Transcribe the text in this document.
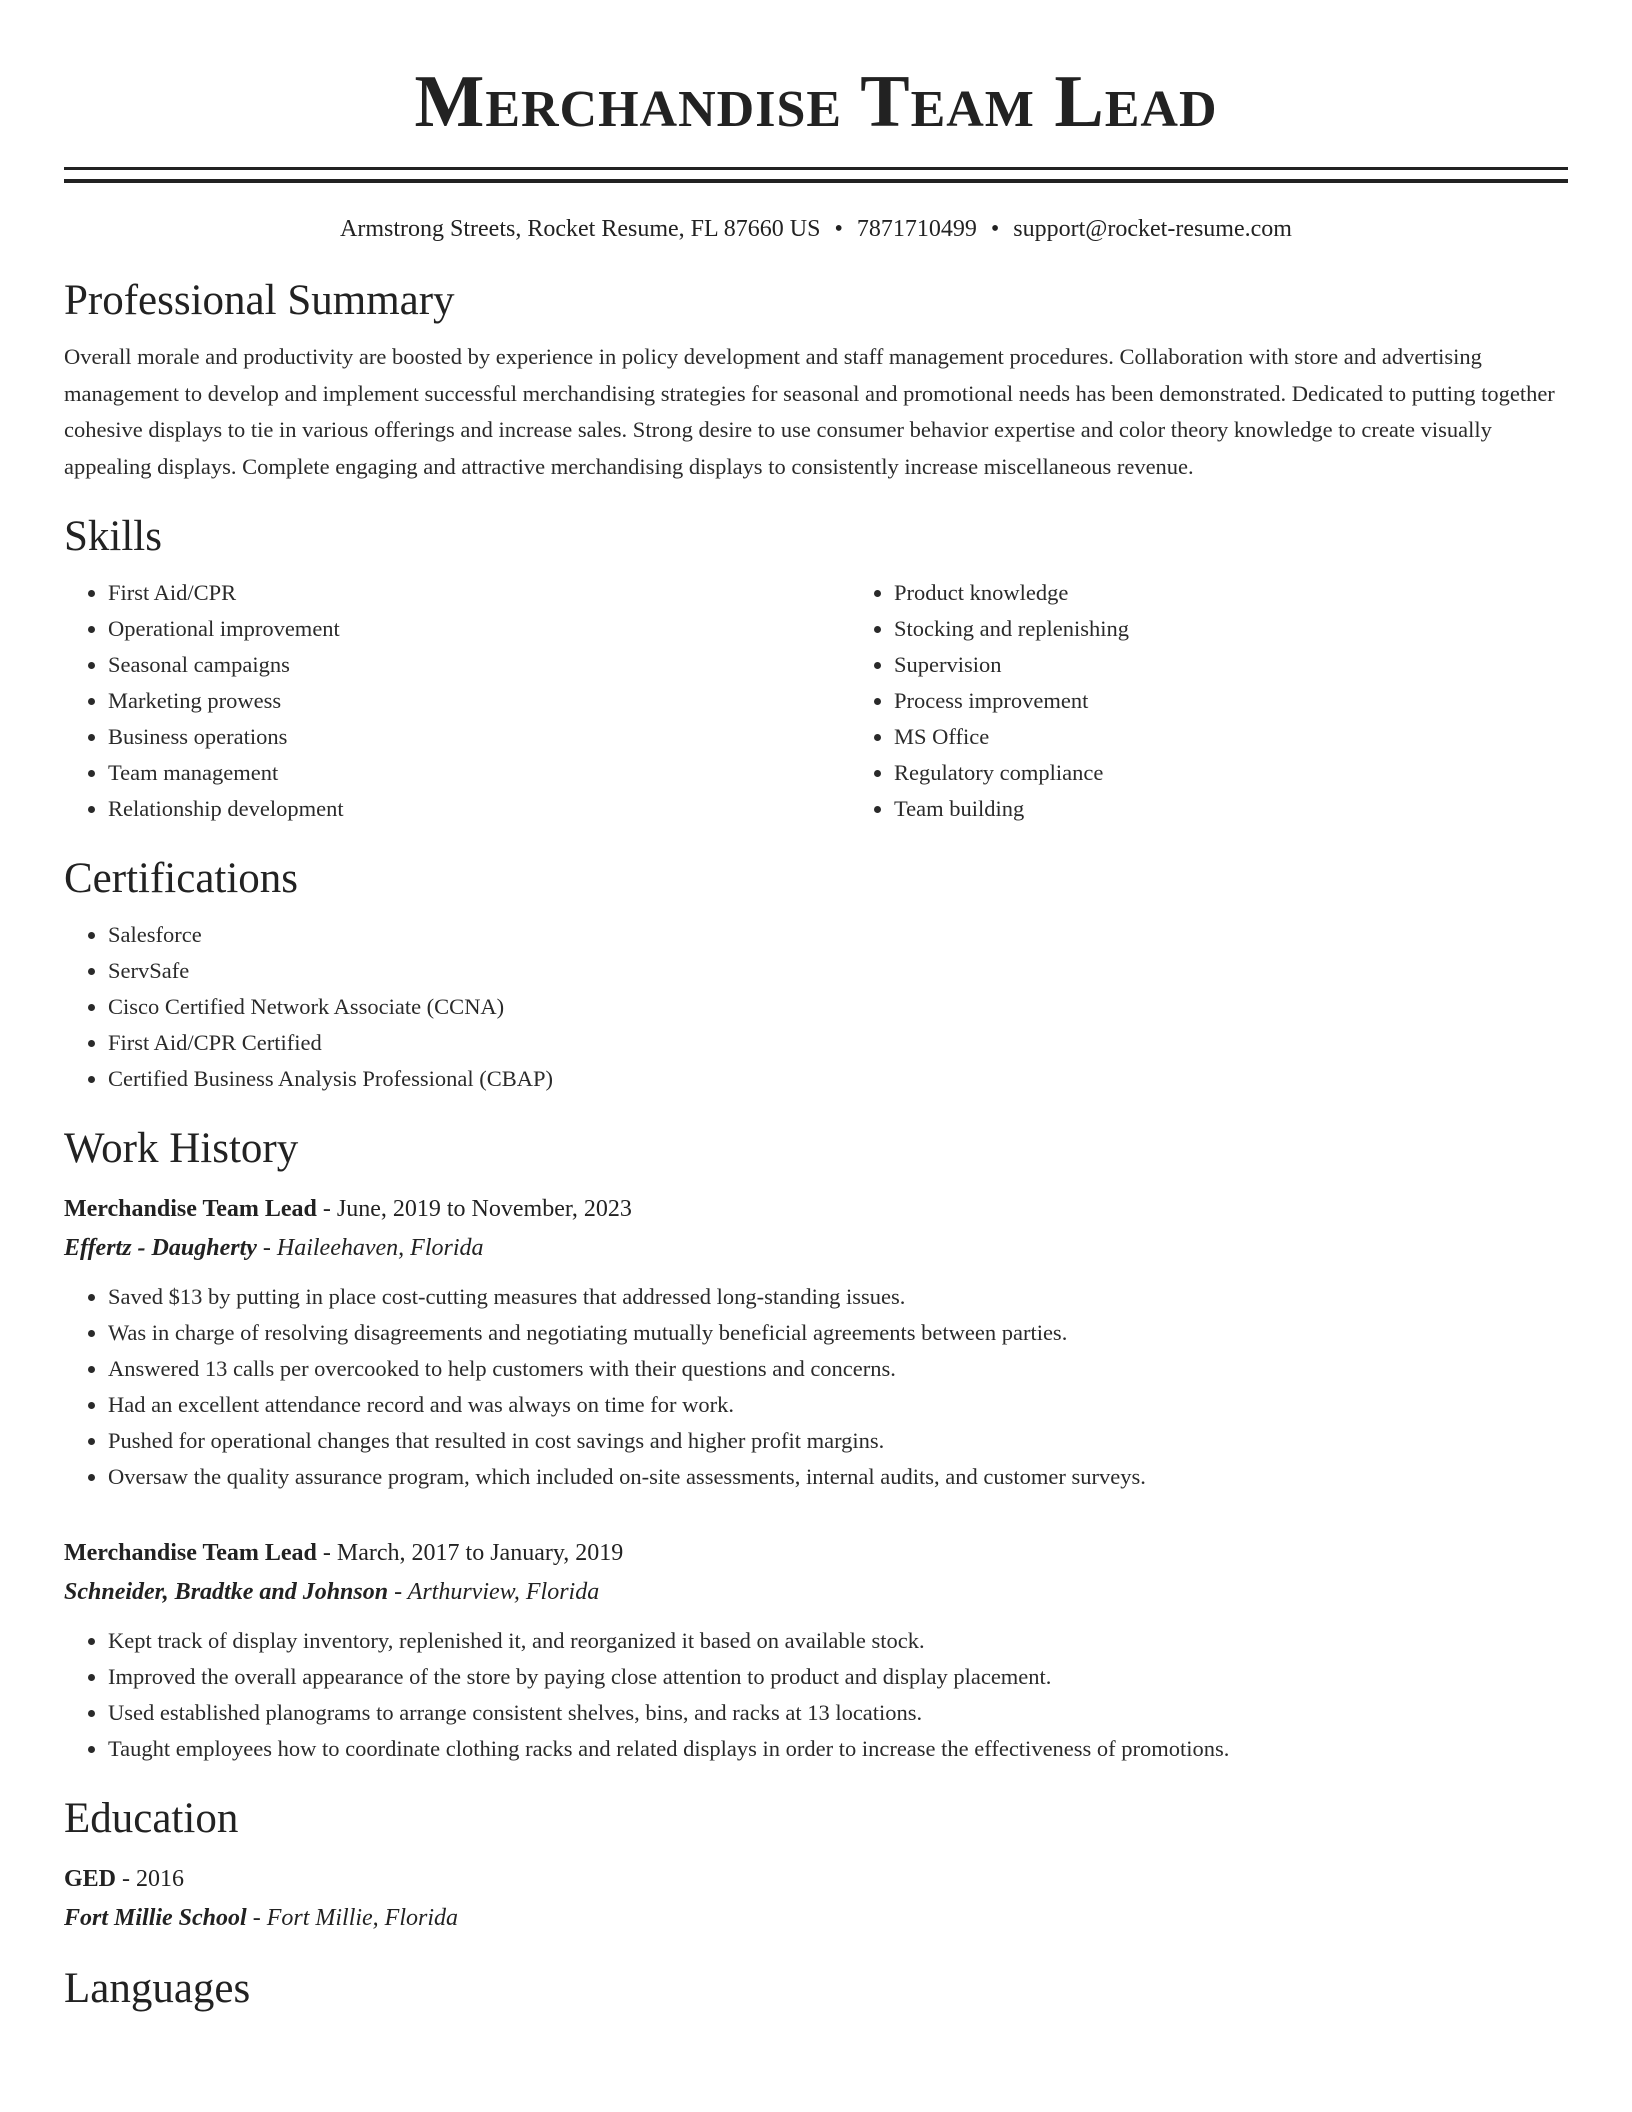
Merchandise Team Lead
Armstrong Streets, Rocket Resume, FL 87660 US • 7871710499 • support@rocket-resume.com
Professional Summary
Overall morale and productivity are boosted by experience in policy development and staff management procedures. Collaboration with store and advertising management to develop and implement successful merchandising strategies for seasonal and promotional needs has been demonstrated. Dedicated to putting together cohesive displays to tie in various offerings and increase sales. Strong desire to use consumer behavior expertise and color theory knowledge to create visually appealing displays. Complete engaging and attractive merchandising displays to consistently increase miscellaneous revenue.
Skills
• First Aid/CPR
• Operational improvement
• Seasonal campaigns
• Marketing prowess
• Business operations
• Team management
• Relationship development
• Product knowledge
• Stocking and replenishing
• Supervision
• Process improvement
• MS Office
• Regulatory compliance
• Team building
Certifications
• Salesforce
• ServSafe
• Cisco Certified Network Associate (CCNA)
• First Aid/CPR Certified
• Certified Business Analysis Professional (CBAP)
Work History
Merchandise Team Lead - June, 2019 to November, 2023
Effertz - Daugherty - Haileehaven, Florida
• Saved $13 by putting in place cost-cutting measures that addressed long-standing issues.
• Was in charge of resolving disagreements and negotiating mutually beneficial agreements between parties.
• Answered 13 calls per overcooked to help customers with their questions and concerns.
• Had an excellent attendance record and was always on time for work.
• Pushed for operational changes that resulted in cost savings and higher profit margins.
• Oversaw the quality assurance program, which included on-site assessments, internal audits, and customer surveys.
Merchandise Team Lead - March, 2017 to January, 2019
Schneider, Bradtke and Johnson - Arthurview, Florida
• Kept track of display inventory, replenished it, and reorganized it based on available stock.
• Improved the overall appearance of the store by paying close attention to product and display placement.
• Used established planograms to arrange consistent shelves, bins, and racks at 13 locations.
• Taught employees how to coordinate clothing racks and related displays in order to increase the effectiveness of promotions.
Education
GED - 2016
Fort Millie School - Fort Millie, Florida
Languages
